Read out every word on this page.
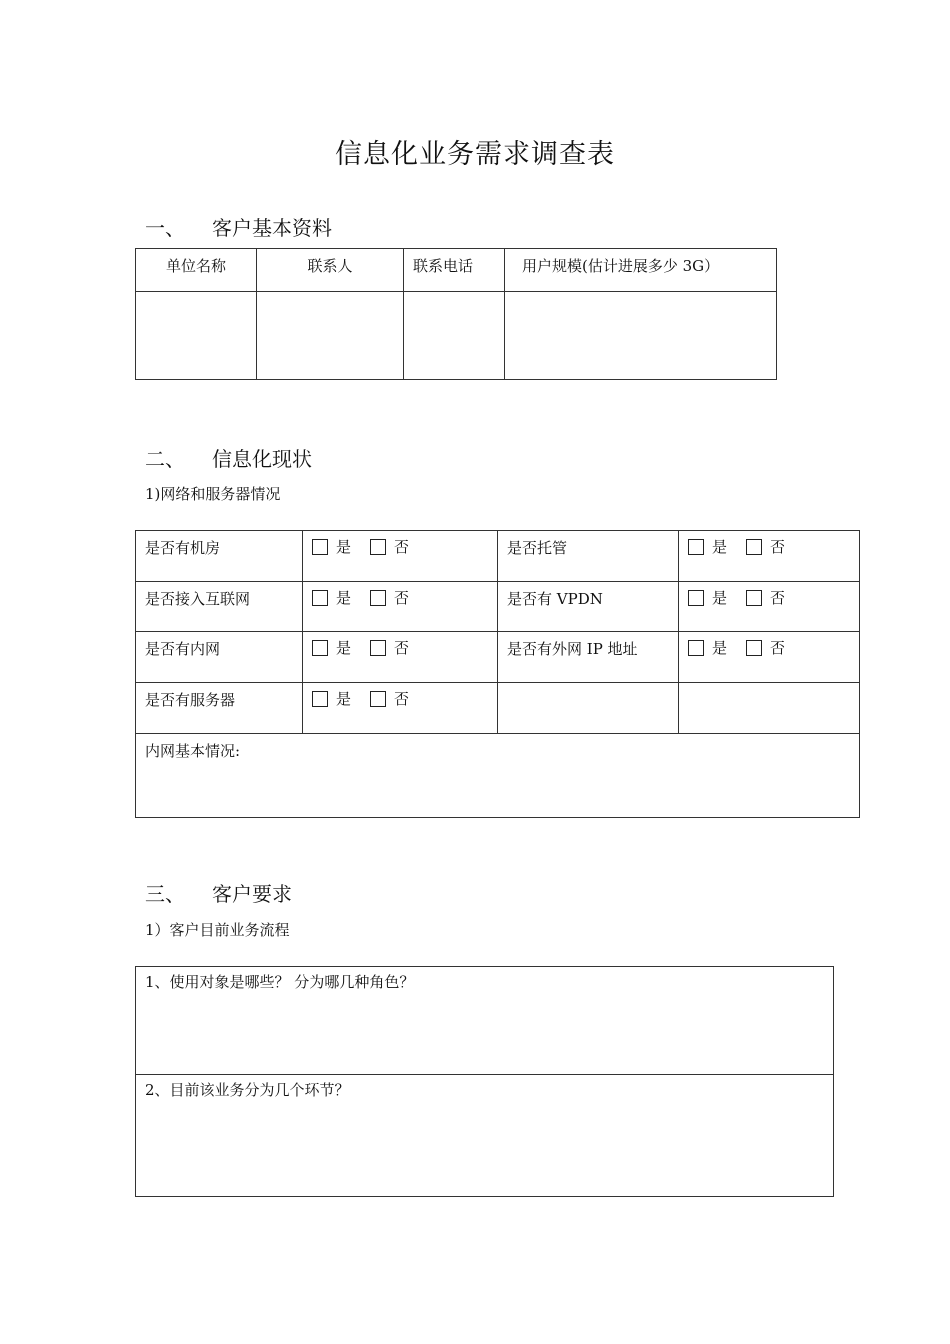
信息化业务需求调查表
一、 客户基本资料
单位名称	联系人	联系电话	用户规模(估计进展多少 3G）

二、 信息化现状
1)网络和服务器情况
是否有机房	是 否	是否托管	是 否

是否接入互联网	是 否	是否有 VPDN	是 否

是否有内网	是 否	是否有外网 IP 地址	是 否

是否有服务器	是 否		

内网基本情况:			
三、 客户要求
1）客户目前业务流程
1、使用对象是哪些？ 分为哪几种角色？

2、目前该业务分为几个环节？
